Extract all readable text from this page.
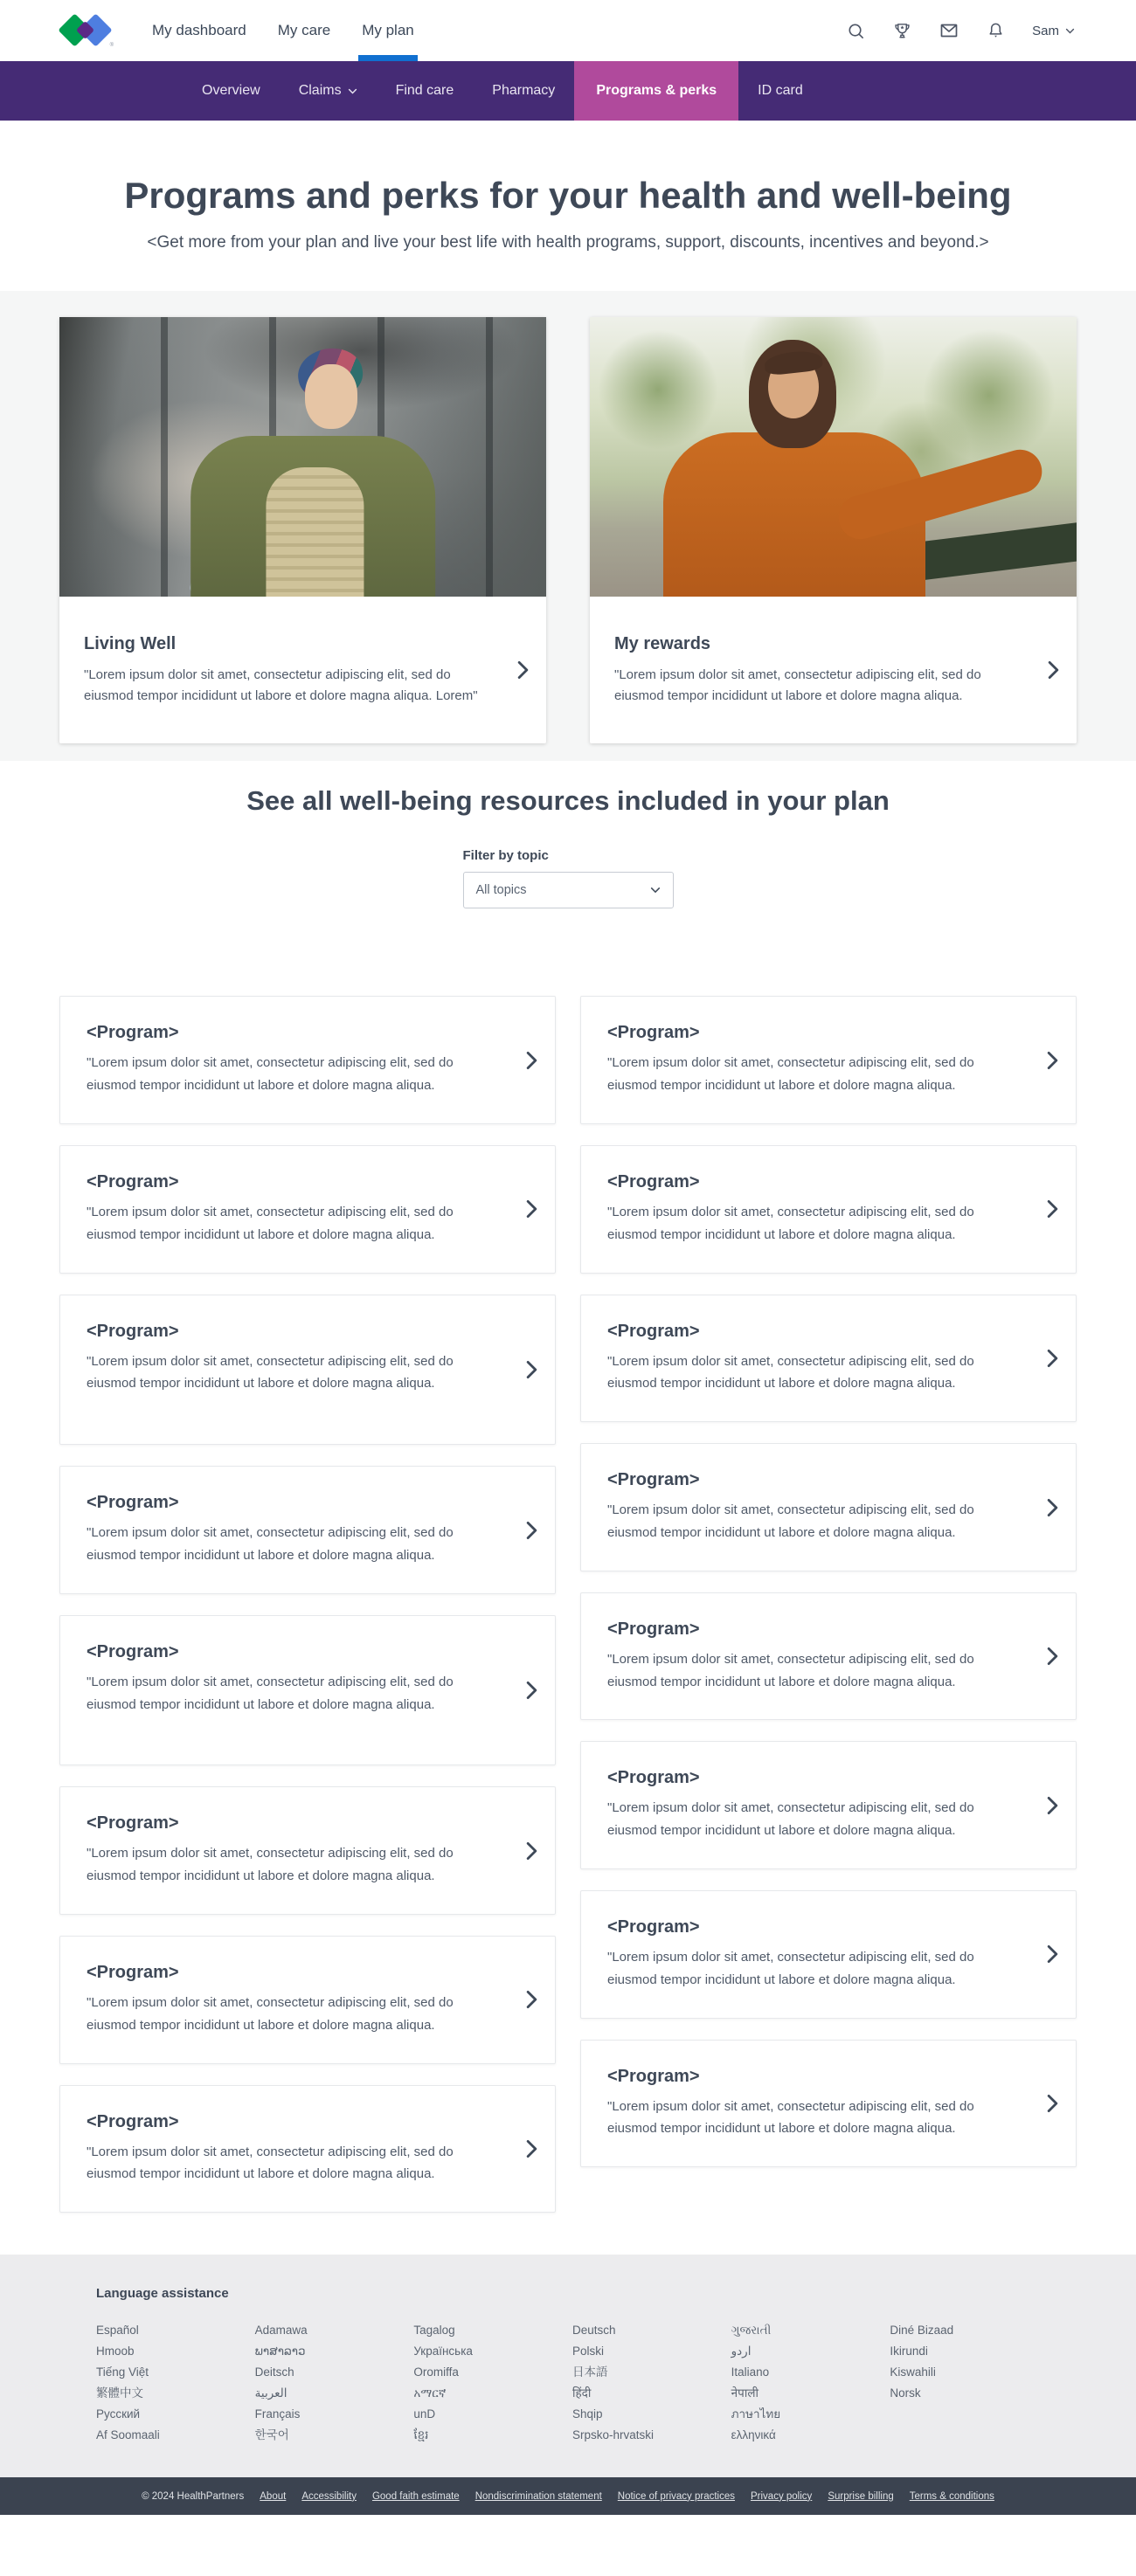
®
My dashboard	My care	My plan	Sam
Overview	Claims	Find care	Pharmacy	Programs & perks	ID card
Programs and perks for your health and well-being
<Get more from your plan and live your best life with health programs, support, discounts, incentives and beyond.>
Living Well
"Lorem ipsum dolor sit amet, consectetur adipiscing elit, sed do eiusmod tempor incididunt ut labore et dolore magna aliqua. Lorem"
My rewards
"Lorem ipsum dolor sit amet, consectetur adipiscing elit, sed do eiusmod tempor incididunt ut labore et dolore magna aliqua.
See all well-being resources included in your plan
Filter by topic
All topics
<Program>
"Lorem ipsum dolor sit amet, consectetur adipiscing elit, sed do eiusmod tempor incididunt ut labore et dolore magna aliqua.
<Program>
"Lorem ipsum dolor sit amet, consectetur adipiscing elit, sed do eiusmod tempor incididunt ut labore et dolore magna aliqua.
<Program>
"Lorem ipsum dolor sit amet, consectetur adipiscing elit, sed do eiusmod tempor incididunt ut labore et dolore magna aliqua.
<Program>
"Lorem ipsum dolor sit amet, consectetur adipiscing elit, sed do eiusmod tempor incididunt ut labore et dolore magna aliqua.
<Program>
"Lorem ipsum dolor sit amet, consectetur adipiscing elit, sed do eiusmod tempor incididunt ut labore et dolore magna aliqua.
<Program>
"Lorem ipsum dolor sit amet, consectetur adipiscing elit, sed do eiusmod tempor incididunt ut labore et dolore magna aliqua.
<Program>
"Lorem ipsum dolor sit amet, consectetur adipiscing elit, sed do eiusmod tempor incididunt ut labore et dolore magna aliqua.
<Program>
"Lorem ipsum dolor sit amet, consectetur adipiscing elit, sed do eiusmod tempor incididunt ut labore et dolore magna aliqua.
<Program>
"Lorem ipsum dolor sit amet, consectetur adipiscing elit, sed do eiusmod tempor incididunt ut labore et dolore magna aliqua.
<Program>
"Lorem ipsum dolor sit amet, consectetur adipiscing elit, sed do eiusmod tempor incididunt ut labore et dolore magna aliqua.
<Program>
"Lorem ipsum dolor sit amet, consectetur adipiscing elit, sed do eiusmod tempor incididunt ut labore et dolore magna aliqua.
<Program>
"Lorem ipsum dolor sit amet, consectetur adipiscing elit, sed do eiusmod tempor incididunt ut labore et dolore magna aliqua.
<Program>
"Lorem ipsum dolor sit amet, consectetur adipiscing elit, sed do eiusmod tempor incididunt ut labore et dolore magna aliqua.
<Program>
"Lorem ipsum dolor sit amet, consectetur adipiscing elit, sed do eiusmod tempor incididunt ut labore et dolore magna aliqua.
<Program>
"Lorem ipsum dolor sit amet, consectetur adipiscing elit, sed do eiusmod tempor incididunt ut labore et dolore magna aliqua.
<Program>
"Lorem ipsum dolor sit amet, consectetur adipiscing elit, sed do eiusmod tempor incididunt ut labore et dolore magna aliqua.
Language assistance
Español
Hmoob
Tiếng Việt
繁體中文
Русский
Af Soomaali
Adamawa
ພາສາລາວ
Deitsch
العربية
Français
한국어
Tagalog
Українська
Oromiffa
አማርኛ
unD
ខ្មែរ
Deutsch
Polski
日本語
हिंदी
Shqip
Srpsko-hrvatski
ગુજરાતી
اردو
Italiano
नेपाली
ภาษาไทย
ελληνικά
Diné Bizaad
Ikirundi
Kiswahili
Norsk
© 2024 HealthPartners About Accessibility Good faith estimate Nondiscrimination statement Notice of privacy practices Privacy policy Surprise billing Terms & conditions
